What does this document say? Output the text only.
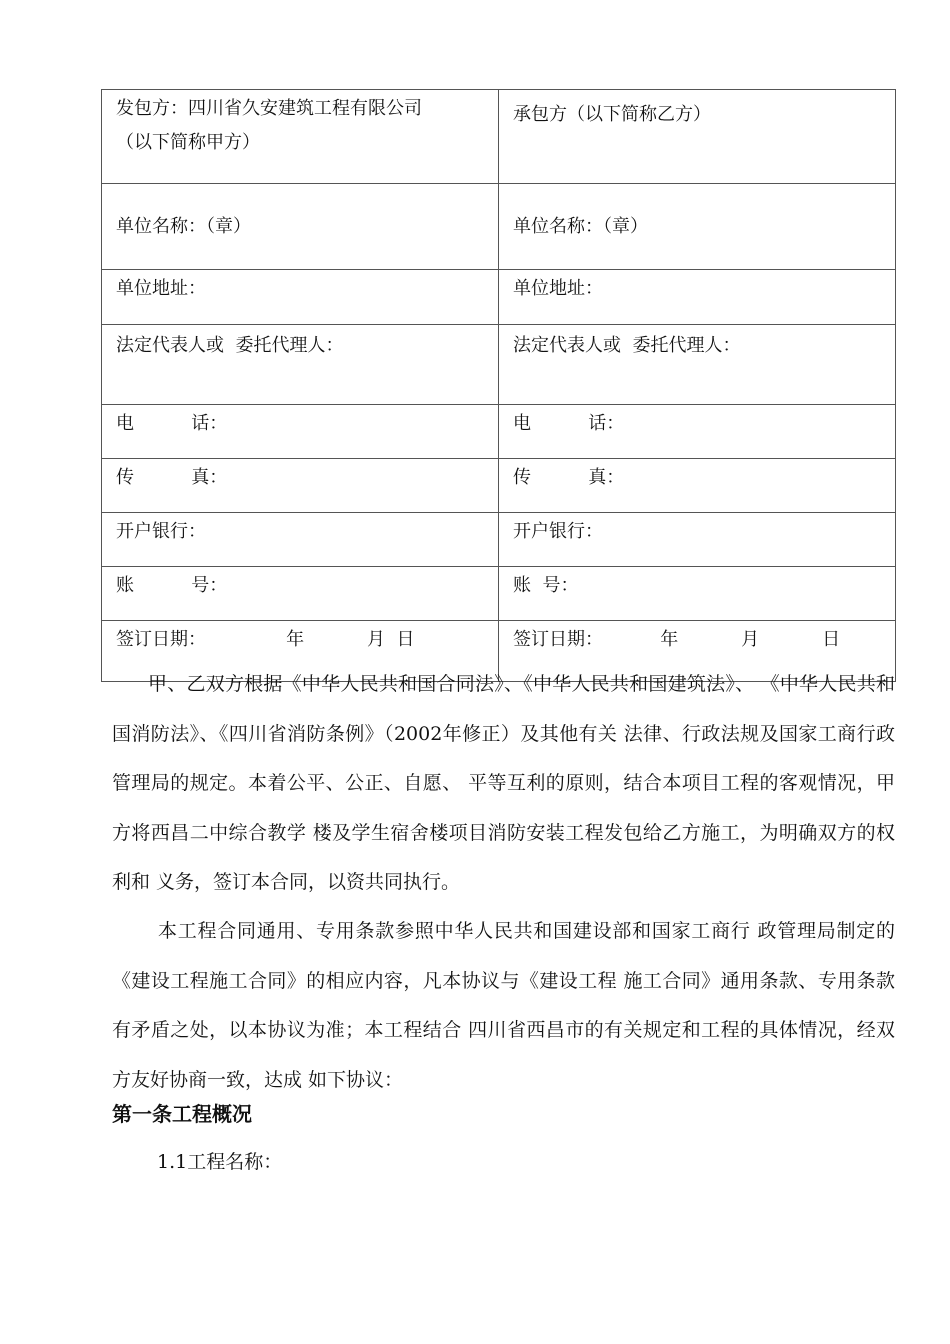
发包方：四川省久安建筑工程有限公司
（以下简称甲方）	承包方（以下简称乙方）

单位名称：（章）	单位名称：（章）

单位地址：	单位地址：

法定代表人或  委托代理人：	法定代表人或  委托代理人：

电          话：	电          话：

传          真：	传          真：

开户银行：	开户银行：

账          号：	账  号：

签订日期：              年           月  日	签订日期：          年           月           日
甲、乙双方根据《中华人民共和国合同法》、《中华人民共和国建筑法》、 《中华人民共和国消防法》、《四川省消防条例》（2002年修正）及其他有关 法律、行政法规及国家工商行政管理局的规定。本着公平、公正、自愿、 平等互利的原则，结合本项目工程的客观情况，甲方将西昌二中综合教学 楼及学生宿舍楼项目消防安装工程发包给乙方施工，为明确双方的权利和 义务，签订本合同，以资共同执行。
本工程合同通用、专用条款参照中华人民共和国建设部和国家工商行 政管理局制定的《建设工程施工合同》的相应内容，凡本协议与《建设工程 施工合同》通用条款、专用条款有矛盾之处，以本协议为准；本工程结合 四川省西昌市的有关规定和工程的具体情况，经双方友好协商一致，达成 如下协议：
第一条工程概况
1.1工程名称：
